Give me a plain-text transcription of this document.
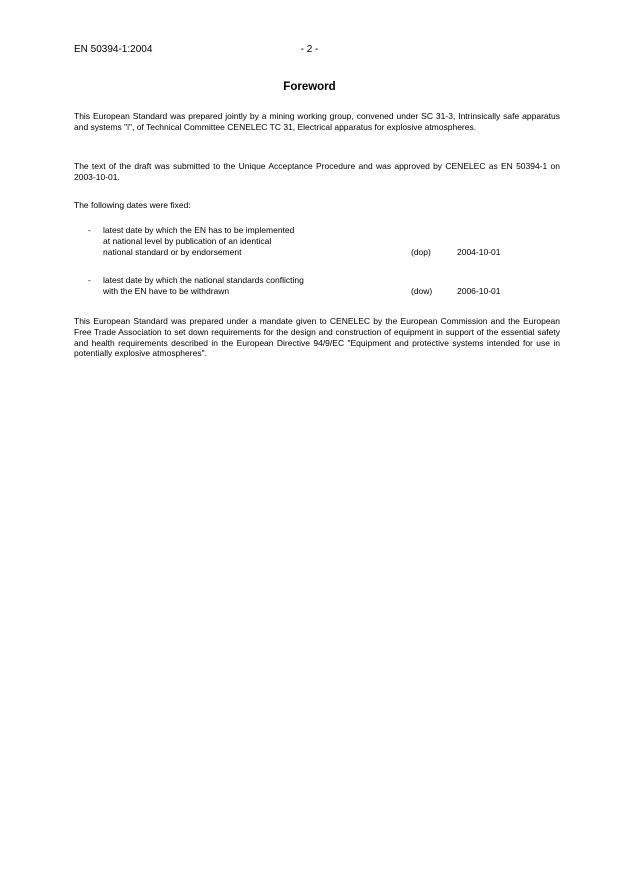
EN 50394-1:2004	- 2 -
Foreword

This European Standard was prepared jointly by a mining working group, convened under SC 31-3, Intrinsically safe apparatus and systems "i", of Technical Committee CENELEC TC 31, Electrical apparatus for explosive atmospheres.

The text of the draft was submitted to the Unique Acceptance Procedure and was approved by CENELEC as EN 50394-1 on 2003-10-01.

The following dates were fixed:

- latest date by which the EN has to be implemented
at national level by publication of an identical
national standard or by endorsement	(dop)	2004-10-01
- latest date by which the national standards conflicting
with the EN have to be withdrawn	(dow)	2006-10-01

This European Standard was prepared under a mandate given to CENELEC by the European Commission and the European Free Trade Association to set down requirements for the design and construction of equipment in support of the essential safety and health requirements described in the European Directive 94/9/EC "Equipment and protective systems intended for use in potentially explosive atmospheres".
